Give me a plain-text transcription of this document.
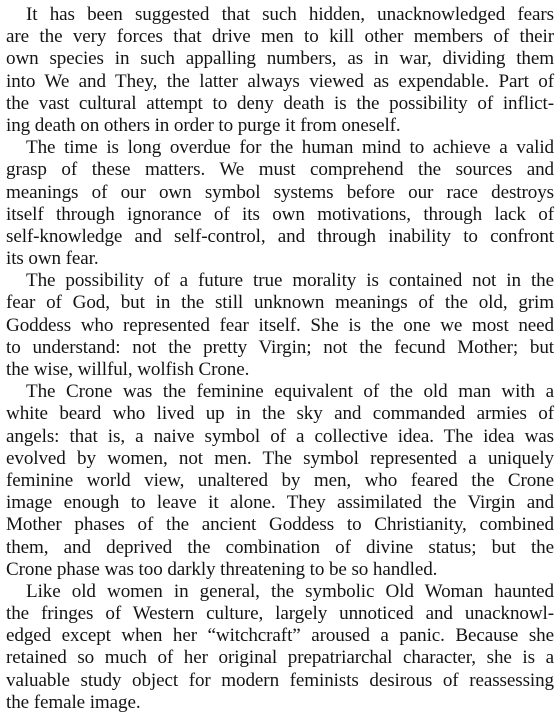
It has been suggested that such hidden, unacknowledged fears
are the very forces that drive men to kill other members of their
own species in such appalling numbers, as in war, dividing them
into We and They, the latter always viewed as expendable. Part of
the vast cultural attempt to deny death is the possibility of inflict-
ing death on others in order to purge it from oneself.
The time is long overdue for the human mind to achieve a valid
grasp of these matters. We must comprehend the sources and
meanings of our own symbol systems before our race destroys
itself through ignorance of its own motivations, through lack of
self-knowledge and self-control, and through inability to confront
its own fear.
The possibility of a future true morality is contained not in the
fear of God, but in the still unknown meanings of the old, grim
Goddess who represented fear itself. She is the one we most need
to understand: not the pretty Virgin; not the fecund Mother; but
the wise, willful, wolfish Crone.
The Crone was the feminine equivalent of the old man with a
white beard who lived up in the sky and commanded armies of
angels: that is, a naive symbol of a collective idea. The idea was
evolved by women, not men. The symbol represented a uniquely
feminine world view, unaltered by men, who feared the Crone
image enough to leave it alone. They assimilated the Virgin and
Mother phases of the ancient Goddess to Christianity, combined
them, and deprived the combination of divine status; but the
Crone phase was too darkly threatening to be so handled.
Like old women in general, the symbolic Old Woman haunted
the fringes of Western culture, largely unnoticed and unacknowl-
edged except when her “witchcraft” aroused a panic. Because she
retained so much of her original prepatriarchal character, she is a
valuable study object for modern feminists desirous of reassessing
the female image.
